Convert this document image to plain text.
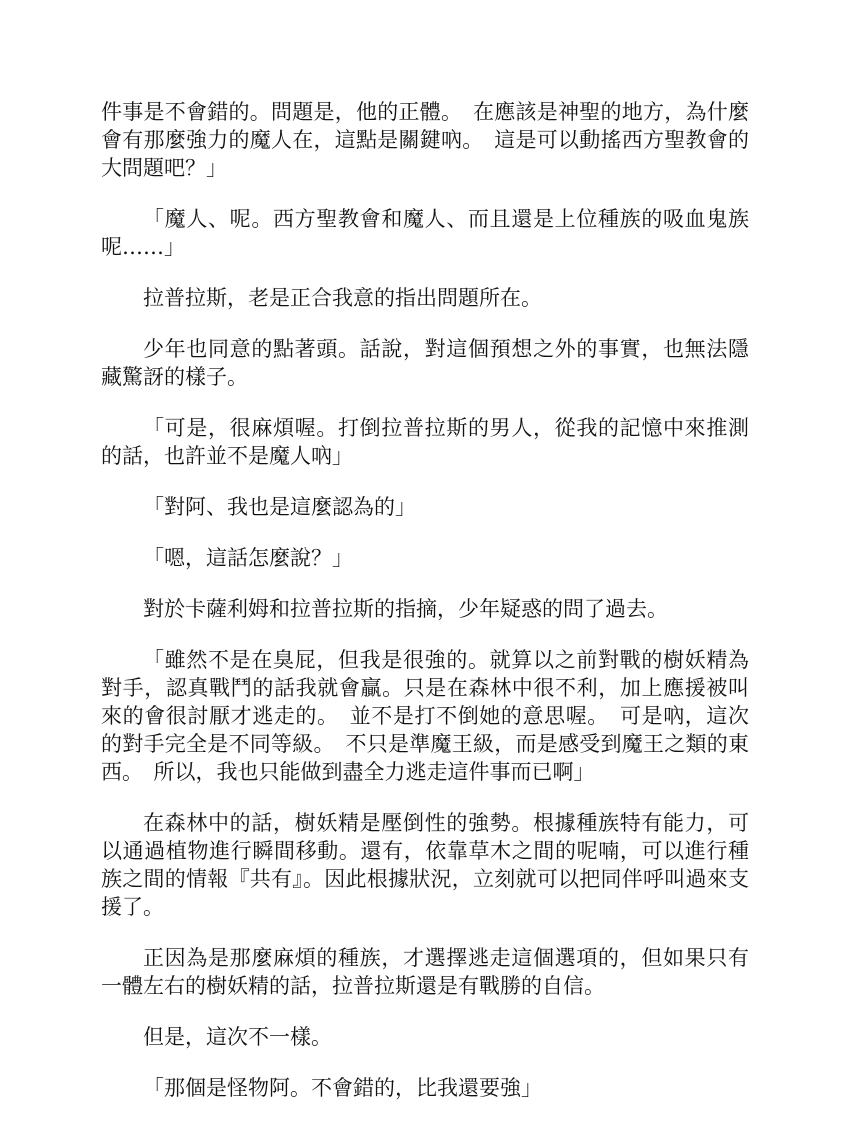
件事是不會錯的。問題是，他的正體。　在應該是神聖的地方，為什麼會有那麼強力的魔人在，這點是關鍵吶。　這是可以動搖西方聖教會的大問題吧？」

「魔人、呢。西方聖教會和魔人、而且還是上位種族的吸血鬼族呢……」

拉普拉斯，老是正合我意的指出問題所在。

少年也同意的點著頭。話說，對這個預想之外的事實，也無法隱藏驚訝的樣子。

「可是，很麻煩喔。打倒拉普拉斯的男人，從我的記憶中來推測的話，也許並不是魔人吶」

「對阿、我也是這麼認為的」

「嗯，這話怎麼說？」

對於卡薩利姆和拉普拉斯的指摘，少年疑惑的問了過去。

「雖然不是在臭屁，但我是很強的。就算以之前對戰的樹妖精為對手，認真戰鬥的話我就會贏。只是在森林中很不利，加上應援被叫來的會很討厭才逃走的。　並不是打不倒她的意思喔。　可是吶，這次的對手完全是不同等級。　不只是準魔王級，而是感受到魔王之類的東西。　所以，我也只能做到盡全力逃走這件事而已啊」

在森林中的話，樹妖精是壓倒性的強勢。根據種族特有能力，可以通過植物進行瞬間移動。還有，依靠草木之間的呢喃，可以進行種族之間的情報『共有』。因此根據狀況，立刻就可以把同伴呼叫過來支援了。

正因為是那麼麻煩的種族，才選擇逃走這個選項的，但如果只有一體左右的樹妖精的話，拉普拉斯還是有戰勝的自信。

但是，這次不一樣。

「那個是怪物阿。不會錯的，比我還要強」
